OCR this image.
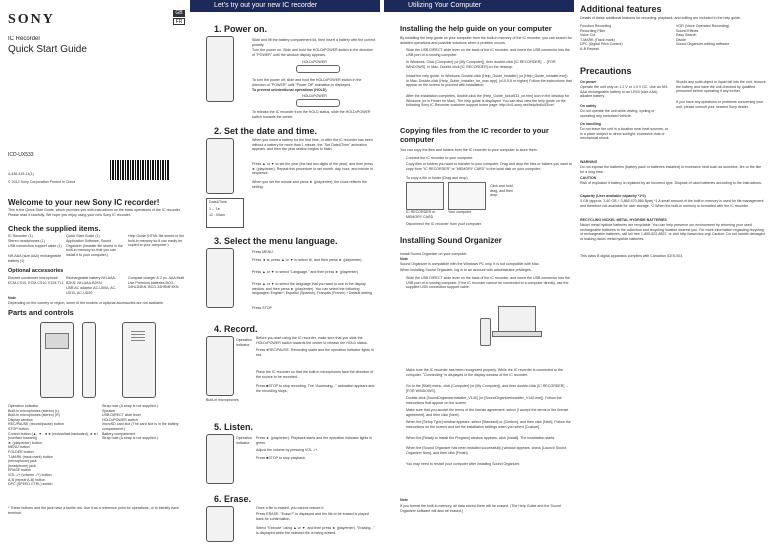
SONY	GB
FR
IC Recorder
Quick Start Guide
ICD-UX533
4-436-415-11(1)
© 2012 Sony Corporation Printed in China
Welcome to your new Sony IC recorder!
This is the Quick Start Guide, which provides you with instructions on the basic operations of the IC recorder. Please read it carefully. We hope you enjoy using your new Sony IC recorder.
Check the supplied items.
IC Recorder (1)
Stereo headphones (1)
USB connection support cable (1)
NH-AAA (size AAA) rechargeable battery (1)
Quick Start Guide (1)
Application Software, Sound Organizer (Installer file stored in the built-in memory so that you can install it to your computer.)
Help Guide (HTML file stored in the built-in memory so it can easily be copied to your computer.)
Optional accessories
Electret condenser microphone ECM-CS10, ECM-CS10, ECM-TL1
Rechargeable battery NH-AAA-B2KN, NH-AAA-B2KN
USB AC adaptor AC-U50A, AC-UD10, AC-UD20
Compact charger & 2 pc. AAA Multi Use Premium batteries BCG-34HLD4KN, BCG-34HRMF4KN
Note
Depending on the country or region, some of the models or optional accessories are not available.
Parts and controls
Operation indicator
Built-in microphones (stereo) (L)
Built-in microphones (stereo) (R)
Display window
REC/PAUSE (record/pause) button
STOP button
Control button (▲, ▼, ◄◄ (review/fast backward), ►►I (cue/fast forward))
► (play/enter) button
MENU button
FOLDER button
T-MARK (track mark) button
(microphone) jack
(headphone) jack
ERASE button
VOL -/+ (volume -/+) button
A-B (repeat A-B) button
DPC (SPEED CTRL) switch
Strap hole (A strap is not supplied.)
Speaker
USB DIRECT slide lever
HOLD•POWER switch
microSD card slot (The card slot is in the battery compartment.)
Battery compartment
Strap hole (A strap is not supplied.)
* These buttons and the jack have a tactile dot. Use it as a reference point for operations, or to identify each terminal.
Let's try out your new IC recorder
1. Power on.
Slide and lift the battery compartment lid, then insert a battery with the correct polarity.
Turn the power on. Slide and hold the HOLD•POWER switch in the direction of "POWER" until the window display appears.
HOLD•POWER
To turn the power off, slide and hold the HOLD•POWER switch in the direction of "POWER" until "Power Off" animation is displayed.
To prevent unintentional operations (HOLD)
HOLD•POWER
To release the IC recorder from the HOLD status, slide the HOLD•POWER switch towards the center.
2. Set the date and time.
Date&Time
1→ 1●
12 : 00am
When you insert a battery for the first time, or after the IC recorder has been without a battery for more than 1 minute, the "Set Date&Time" animation appears, and then the year section begins to flash.
Press ▲ or ▼ to set the year (the last two digits of the year), and then press ► (play/enter). Repeat this procedure to set month, day, hour, and minute in sequence.
When you set the minute and press ► (play/enter), the clock reflects the setting.
3. Select the menu language.
Press MENU.
Press ◄◄, press ▲ or ▼ to select ⚙, and then press ► (play/enter).
Press ▲ or ▼ to select "Language," and then press ► (play/enter).
Press ▲ or ▼ to select the language that you want to use in the display window, and then press ► (play/enter). You can select the following languages: English*, Español (Spanish), Français (French) * Default setting
Press STOP.
4. Record.
Operation indicator
Built-in microphones
Before you start using the IC recorder, make sure that you slide the HOLD•POWER switch towards the center to release the HOLD status.
Press ●REC/PAUSE. Recording starts and the operation indicator lights in red.
Place the IC recorder so that the built-in microphones face the direction of the source to be recorded.
Press ■STOP to stop recording. The "Accessing..." animation appears and the recording stops.
5. Listen.
Operation indicator
Press ► (play/enter). Playback starts and the operation indicator lights in green.
Adjust the volume by pressing VOL -/+.
Press ■STOP to stop playback.
6. Erase.
Once a file is erased, you cannot restore it.
Press ERASE. "Erase?" is displayed and the file to be erased is played back for confirmation.
Select "Execute" using ▲ or ▼, and then press ► (play/enter). "Erasing..." is displayed while the selected file is being erased.
Utilizing Your Computer
Installing the help guide on your computer
By installing the help guide on your computer from the built-in memory of the IC recorder, you can search for detailed operations and possible solutions when a problem occurs.
Slide the USB DIRECT slide lever on the back of the IC recorder, and insert the USB connector into the USB port of a running computer.
In Windows: Click [Computer] (or [My Computer]), then double-click [IC RECORDER] → [FOR WINDOWS]. In Mac: Double-click [IC RECORDER] on the desktop.
Install the help guide. In Windows: Double-click [Help_Guide_Installer] (or [Help_Guide_Installer.exe]). In Mac: Double-click [Help_Guide_Installer_for_mac.app]. (v10.5.8 or higher) Follow the instructions that appear on the screen to proceed with installation.
After the installation completes, double-click the [Help_Guide_icdux533_ce.htm] icon in the desktop for Windows (or in Finder for Mac). The help guide is displayed. You can also view the help guide on the following Sony IC Recorder customer support home page: http://rd1.sony.net/help/icd/u53/ce/
Copying files from the IC recorder to your computer
You can copy the files and folders from the IC recorder to your computer to store them.
Connect the IC recorder to your computer.
Copy files or folders you want to transfer to your computer. Drag and drop the files or folders you want to copy from "IC RECORDER" or "MEMORY CARD" to the local disk on your computer.
To copy a file or folder (Drag and drop)
Click and hold, drag, and then drop.
IC RECORDER or MEMORY CARD
Your computer
Disconnect the IC recorder from your computer.
Installing Sound Organizer
Install Sound Organizer on your computer.
Note
Sound Organizer is compatible with the Windows PC only. It is not compatible with Mac.
When installing Sound Organizer, log in to an account with administrator privileges.
Slide the USB DIRECT slide lever on the back of the IC recorder, and insert the USB connector into the USB port of a running computer. If the IC recorder cannot be connected to a computer directly, use the supplied USB connection support cable.
Make sure the IC recorder has been recognized properly. While the IC recorder is connected to the computer, "Connecting" is displayed in the display window of the IC recorder.
Go to the [Start] menu, click [Computer] (or [My Computer]), and then double-click [IC RECORDER] → [FOR WINDOWS].
Double-click [SoundOrganizerInstaller_V140] (or [SoundOrganizerInstaller_V140.exe]). Follow the instructions that appear on the screen.
Make sure that you accept the terms of the license agreement, select [I accept the terms in the license agreement], and then click [Next].
When the [Setup Type] window appears, select [Standard] or [Custom], and then click [Next]. Follow the instructions on the screen and set the installation settings when you select [Custom].
When the [Ready to Install the Program] window appears, click [Install]. The installation starts.
When the [Sound Organizer has been installed successfully.] window appears, check [Launch Sound Organizer Now], and then click [Finish].
You may need to restart your computer after installing Sound Organizer.
Note
If you format the built-in memory, all data stored there will be erased. (The Help Guide and the Sound Organizer software will also be erased.)
Additional features
Details of these additional features for recording, playback, and editing are included in the help guide.
Function Recording
Recording Filter
Voice Cut
T-MARK (Track mark)
DPC (Digital Pitch Control)
A-B Repeat
VOR (Voice Operated Recording)
Sound Effects
Easy Search
Divide
Sound Organizer editing software
Precautions
On power
Operate the unit only on 1.2 V or 1.5 V DC. Use an NH-AAA rechargeable battery or an LR03 (size AAA) alkaline battery.
On safety
Do not operate the unit while driving, cycling or operating any motorized vehicle.
On handling
Do not leave the unit in a location near heat sources, or in a place subject to direct sunlight, excessive dust or mechanical shock.
Should any solid object or liquid fall into the unit, remove the battery and have the unit checked by qualified personnel before operating it any further.
If you have any questions or problems concerning your unit, please consult your nearest Sony dealer.
WARNING
Do not expose the batteries (battery pack or batteries installed) to excessive heat such as sunshine, fire or the like for a long time.
CAUTION
Risk of explosion if battery is replaced by an incorrect type. Dispose of used batteries according to the instructions.
Capacity (User available capacity *1*2)
4 GB (approx. 3.60 GB = 3,865,470,566 Byte) *1 A small amount of the built-in memory is used for file management and therefore not available for user storage. *2 When the built-in memory is formatted with the IC recorder.
RECYCLING NICKEL METAL HYDRIDE BATTERIES
Nickel metal hydride batteries are recyclable. You can help preserve our environment by returning your used rechargeable batteries to the collection and recycling location nearest you. For more information regarding recycling of rechargeable batteries, call toll free 1-800-822-8837, or visit http://www.rbrc.org/ Caution: Do not handle damaged or leaking nickel metal hydride batteries.
This class B digital apparatus complies with Canadian ICES-003.
